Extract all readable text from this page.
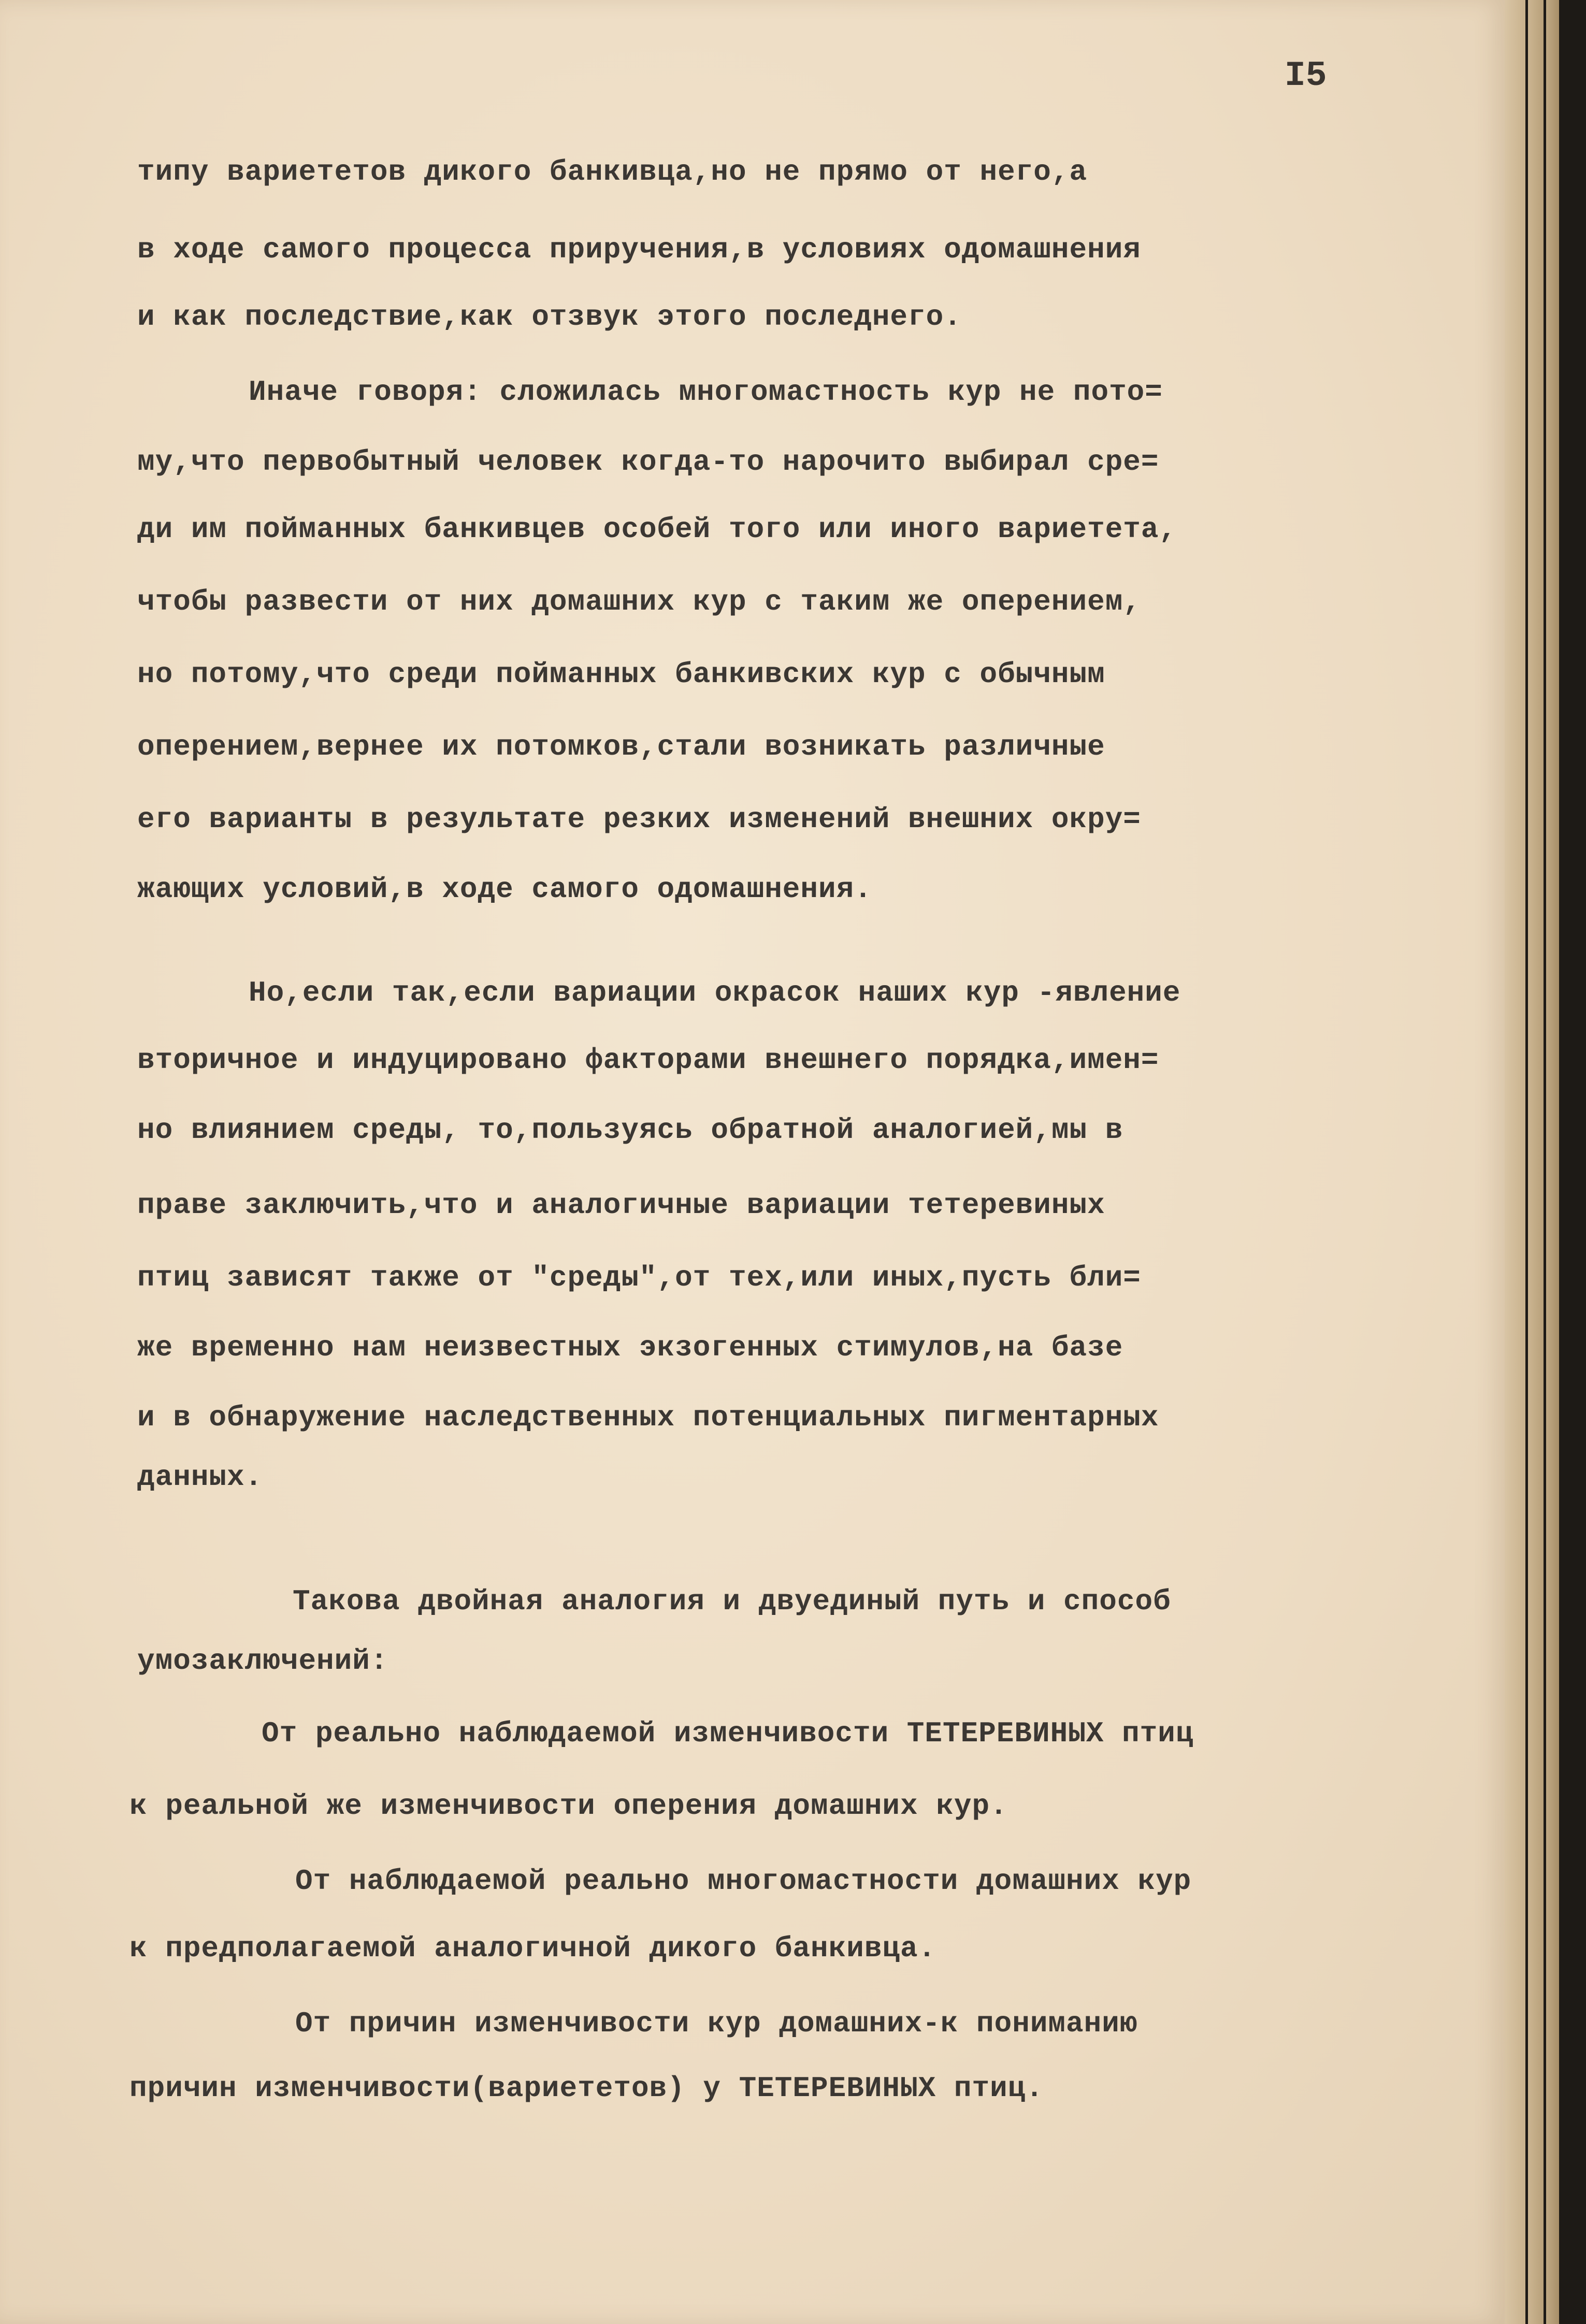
I5
типу вариететов дикого банкивца,но не прямо от него,а
в ходе самого процесса приручения,в условиях одомашнения
и как последствие,как отзвук этого последнего.
Иначе говоря: сложилась многомастность кур не пото=
му,что первобытный человек когда-то нарочито выбирал сре=
ди им пойманных банкивцев особей того или иного вариетета,
чтобы развести от них домашних кур с таким же оперением,
но потому,что среди пойманных банкивских кур с обычным
оперением,вернее их потомков,стали возникать различные
его варианты в результате резких изменений внешних окру=
жающих условий,в ходе самого одомашнения.
Но,если так,если вариации окрасок наших кур -явление
вторичное и индуцировано факторами внешнего порядка,имен=
но влиянием среды, то,пользуясь обратной аналогией,мы в
праве заключить,что и аналогичные вариации тетеревиных
птиц зависят также от "среды",от тех,или иных,пусть бли=
же временно нам неизвестных экзогенных стимулов,на базе
и в обнаружение наследственных потенциальных пигментарных
данных.
Такова двойная аналогия и двуединый путь и способ
умозаключений:
От реально наблюдаемой изменчивости ТЕТЕРЕВИНЫХ птиц
к реальной же изменчивости оперения домашних кур.
От наблюдаемой реально многомастности домашних кур
к предполагаемой аналогичной дикого банкивца.
От причин изменчивости кур домашних-к пониманию
причин изменчивости(вариететов) у ТЕТЕРЕВИНЫХ птиц.
